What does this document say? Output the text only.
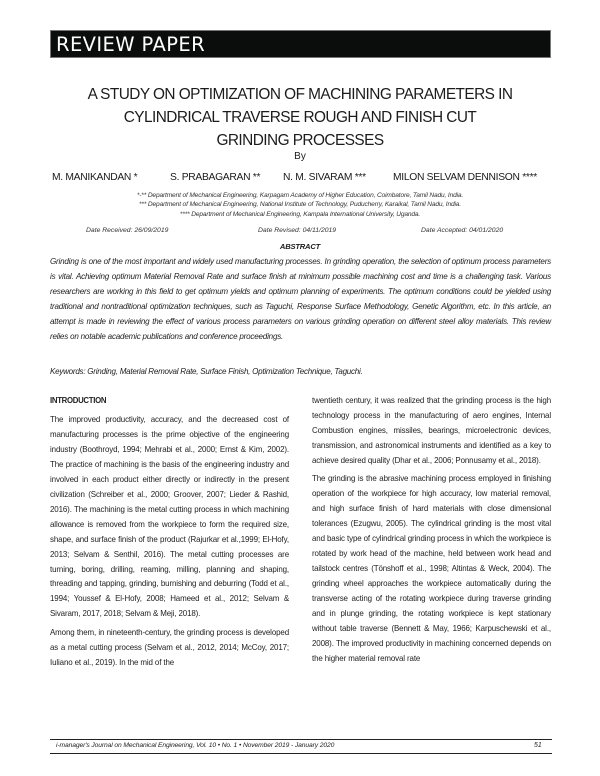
REVIEW PAPER
A STUDY ON OPTIMIZATION OF MACHINING PARAMETERS IN
CYLINDRICAL TRAVERSE ROUGH AND FINISH CUT
GRINDING PROCESSES
By
M. MANIKANDAN *	S. PRABAGARAN ** N. M. SIVARAM ***	MILON SELVAM DENNISON ****
*-** Department of Mechanical Engineering, Karpagam Academy of Higher Education, Coimbatore, Tamil Nadu, India.
*** Department of Mechanical Engineering, National Institute of Technology, Puducherry, Karaikal, Tamil Nadu, India.
**** Department of Mechanical Engineering, Kampala International University, Uganda.
Date Received: 26/09/2019	Date Revised: 04/11/2019	Date Accepted: 04/01/2020
ABSTRACT
Grinding is one of the most important and widely used manufacturing processes. In grinding operation, the selection of optimum process parameters is vital. Achieving optimum Material Removal Rate and surface finish at minimum possible machining cost and time is a challenging task. Various researchers are working in this field to get optimum yields and optimum planning of experiments. The optimum conditions could be yielded using traditional and nontraditional optimization techniques, such as Taguchi, Response Surface Methodology, Genetic Algorithm, etc. In this article, an attempt is made in reviewing the effect of various process parameters on various grinding operation on different steel alloy materials. This review relies on notable academic publications and conference proceedings.
Keywords: Grinding, Material Removal Rate, Surface Finish, Optimization Technique, Taguchi.
INTRODUCTION

The improved productivity, accuracy, and the decreased cost of manufacturing processes is the prime objective of the engineering industry (Boothroyd, 1994; Mehrabi et al., 2000; Ernst & Kim, 2002). The practice of machining is the basis of the engineering industry and involved in each product either directly or indirectly in the present civilization (Schreiber et al., 2000; Groover, 2007; Lieder & Rashid, 2016). The machining is the metal cutting process in which machining allowance is removed from the workpiece to form the required size, shape, and surface finish of the product (Rajurkar et al.,1999; El-Hofy, 2013; Selvam & Senthil, 2016). The metal cutting processes are turning, boring, drilling, reaming, milling, planning and shaping, threading and tapping, grinding, burnishing and deburring (Todd et al., 1994; Youssef & El-Hofy, 2008; Hameed et al., 2012; Selvam & Sivaram, 2017, 2018; Selvam & Meji, 2018).

Among them, in nineteenth-century, the grinding process is developed as a metal cutting process (Selvam et al., 2012, 2014; McCoy, 2017; Iuliano et al., 2019). In the mid of the

twentieth century, it was realized that the grinding process is the high technology process in the manufacturing of aero engines, Internal Combustion engines, missiles, bearings, microelectronic devices, transmission, and astronomical instruments and identified as a key to achieve desired quality (Dhar et al., 2006; Ponnusamy et al., 2018).

The grinding is the abrasive machining process employed in finishing operation of the workpiece for high accuracy, low material removal, and high surface finish of hard materials with close dimensional tolerances (Ezugwu, 2005). The cylindrical grinding is the most vital and basic type of cylindrical grinding process in which the workpiece is rotated by work head of the machine, held between work head and tailstock centres (Tönshoff et al., 1998; Altintas & Weck, 2004). The grinding wheel approaches the workpiece automatically during the transverse acting of the rotating workpiece during traverse grinding and in plunge grinding, the rotating workpiece is kept stationary without table traverse (Bennett & May, 1966; Karpuschewski et al., 2008). The improved productivity in machining concerned depends on the higher material removal rate

i-manager's Journal on Mechanical Engineering, Vol. 10 • No. 1 • November 2019 - January 2020	51
